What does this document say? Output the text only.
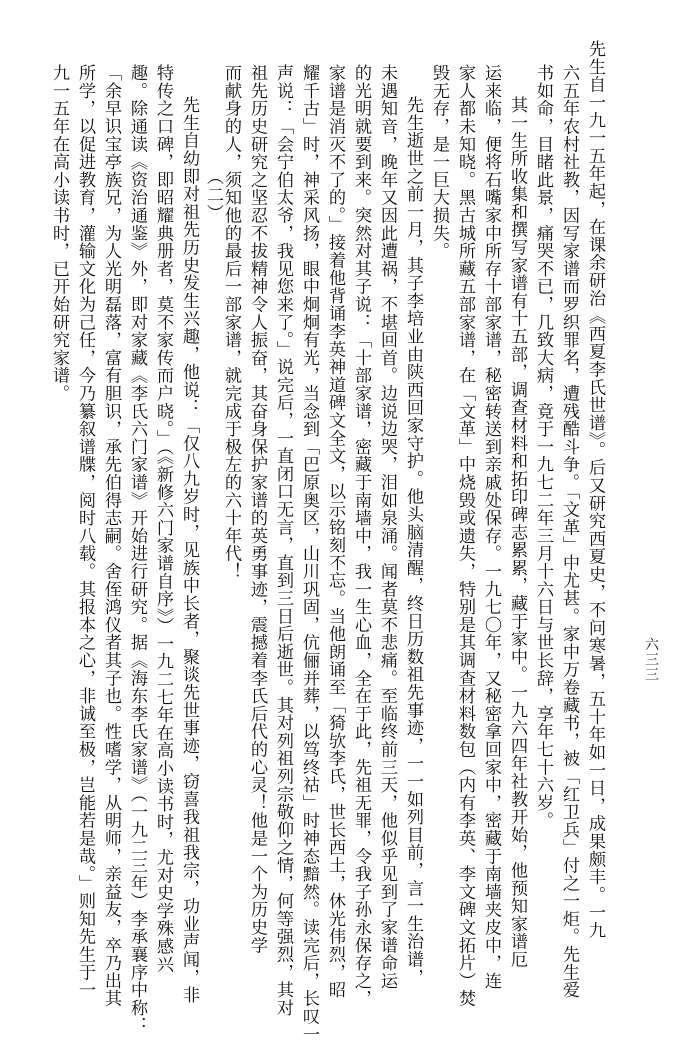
先生自一九一五年起，在课余研治《西夏李氏世谱》。后又研究西夏史，不问寒暑，五十年如一日，成果颇丰。一九
六五年农村社教，因写家谱而罗织罪名，遭残酷斗争。「文革」中尤甚。家中万卷藏书，被「红卫兵」付之一炬。先生爱
书如命，目睹此景，痛哭不已，几致大病，竟于一九七二年三月十六日与世长辞，享年七十六岁。
其一生所收集和撰写家谱有十五部，调查材料和拓印碑志累累，藏于家中。一九六四年社教开始，他预知家谱厄
运来临，便将石嘴家中所存十部家谱，秘密转送到亲戚处保存。一九七〇年，又秘密拿回家中，密藏于南墙夹皮中，连
家人都未知晓。黑古城所藏五部家谱，在「文革」中烧毁或遗失，特别是其调查材料数包（内有李英、李文碑文拓片）焚
毁无存，是一巨大损失。
先生逝世之前一月，其子李培业由陕西回家守护。他头脑清醒，终日历数祖先事迹，一一如列目前，言一生治谱，
未遇知音，晚年又因此遭祸，不堪回首。边说边哭，泪如泉涌。闻者莫不悲痛。至临终前三天，他似乎见到了家谱命运
的光明就要到来。突然对其子说：「十部家谱，密藏于南墙中，我一生心血，全在于此，先祖无罪，令我子孙永保存之，
家谱是消灭不了的。」接着他背诵李英神道碑文全文，以示铭刻不忘。当他朗诵至「猗欤李氏，世长西土，休光伟烈，昭
耀千古」时，神采风扬，眼中炯炯有光，当念到「巴原奥区，山川巩固，伉俪并葬，以笃终祜」时神态黯然。读完后，长叹一
声说：「会宁伯太爷，我见您来了。」说完后，一直闭口无言，直到三日后逝世。其对列祖列宗敬仰之情，何等强烈，其对
祖先历史研究之坚忍不拔精神令人振奋，其奋身保护家谱的英勇事迹，震撼着李氏后代的心灵！他是一个为历史学
而献身的人，须知他的最后一部家谱，就完成于极左的六十年代！
（二）
先生自幼即对祖先历史发生兴趣，他说：「仅八九岁时，见族中长者，聚谈先世事迹，窃喜我祖我宗，功业声闻，非
特传之口碑，即昭耀典册者，莫不家传而户晓。」（《新修六门家谱自序》）一九二七年在高小读书时，尤对史学殊感兴
趣。除通读《资治通鉴》外，即对家藏《李氏六门家谱》开始进行研究。据《海东李氏家谱》（一九二三年）李承襄序中称：
「余早识宝亭族兄，为人光明磊落，富有胆识，承先伯得志嗣。舍侄鸿仪者其子也。性嗜学，从明师，亲益友，卒乃出其
所学，以促进教育，灌输文化为己任，今乃纂叙谱牒，阅时八载。其报本之心，非诚至极，岂能若是哉。」则知先生于一
九一五年在高小读书时，已开始研究家谱。
六三三
